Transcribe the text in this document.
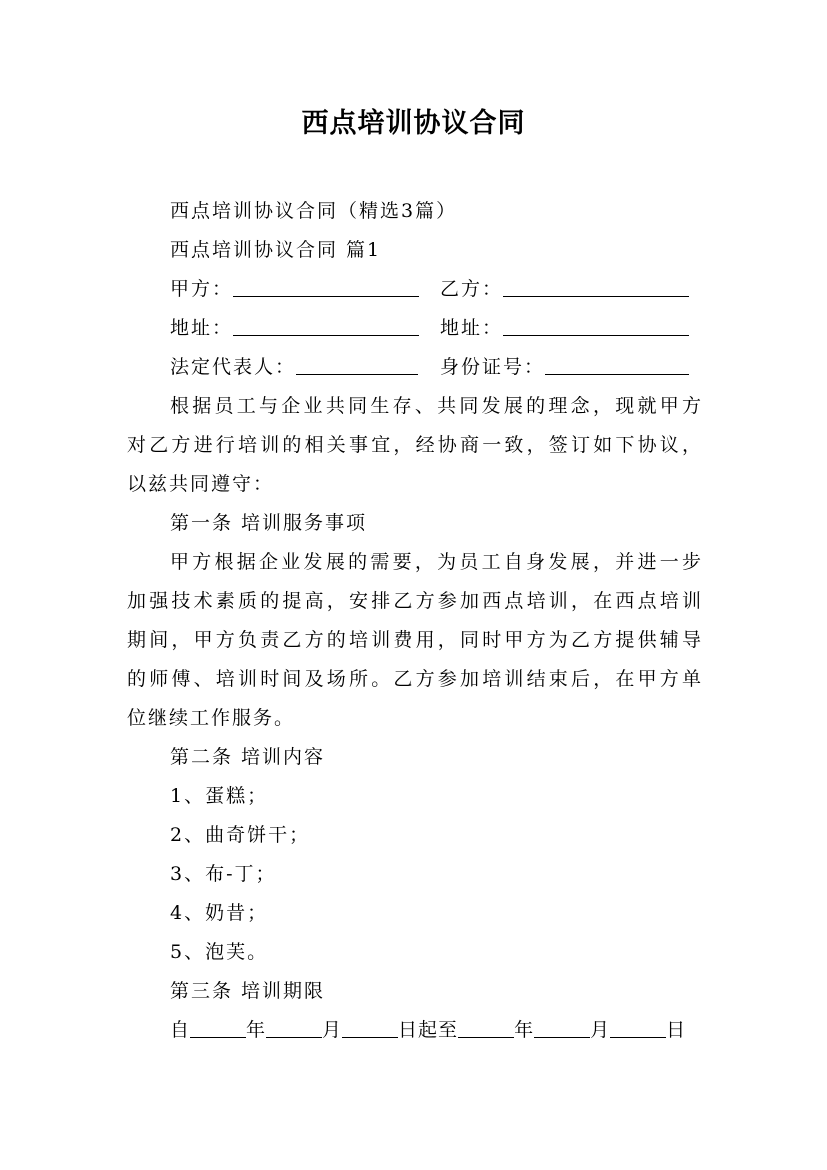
西点培训协议合同
西点培训协议合同（精选3篇）
西点培训协议合同 篇1
甲方：	乙方：
地址：	地址：
法定代表人：	身份证号：
根据员工与企业共同生存、共同发展的理念，现就甲方
对乙方进行培训的相关事宜，经协商一致，签订如下协议，
以兹共同遵守：
第一条 培训服务事项
甲方根据企业发展的需要，为员工自身发展，并进一步
加强技术素质的提高，安排乙方参加西点培训，在西点培训
期间，甲方负责乙方的培训费用，同时甲方为乙方提供辅导
的师傅、培训时间及场所。乙方参加培训结束后，在甲方单
位继续工作服务。
第二条 培训内容
1、蛋糕；
2、曲奇饼干；
3、布-丁；
4、奶昔；
5、泡芙。
第三条 培训期限
自	年	月	日起至	年	月	日
